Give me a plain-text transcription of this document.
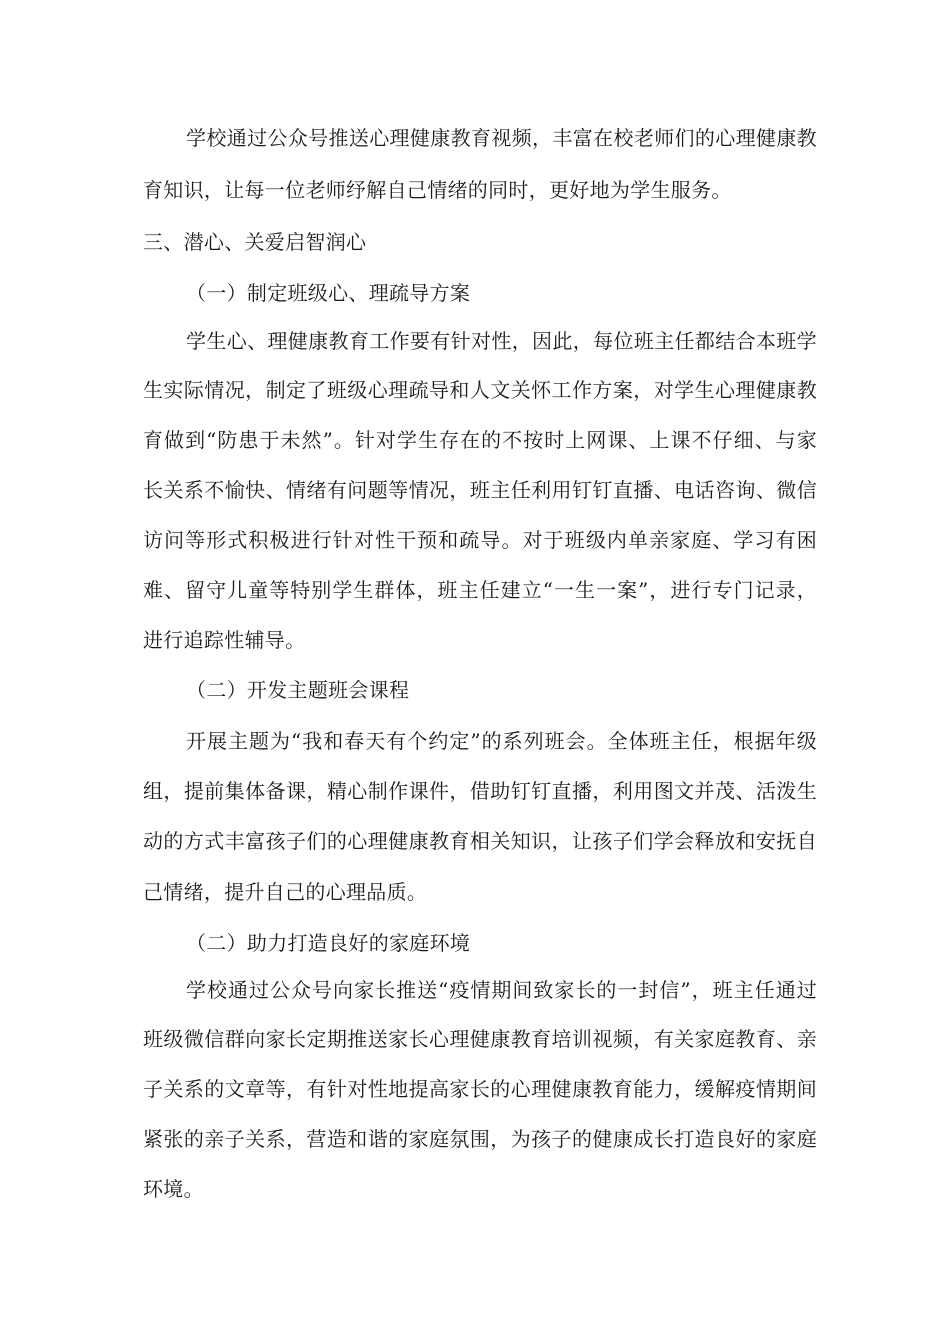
学校通过公众号推送心理健康教育视频，丰富在校老师们的心理健康教
育知识，让每一位老师纾解自己情绪的同时，更好地为学生服务。
三、潜心、关爱启智润心
（一）制定班级心、理疏导方案
学生心、理健康教育工作要有针对性，因此，每位班主任都结合本班学
生实际情况，制定了班级心理疏导和人文关怀工作方案，对学生心理健康教
育做到“防患于未然”。针对学生存在的不按时上网课、上课不仔细、与家
长关系不愉快、情绪有问题等情况，班主任利用钉钉直播、电话咨询、微信
访问等形式积极进行针对性干预和疏导。对于班级内单亲家庭、学习有困
难、留守儿童等特别学生群体，班主任建立“一生一案”，进行专门记录，
进行追踪性辅导。
（二）开发主题班会课程
开展主题为“我和春天有个约定”的系列班会。全体班主任，根据年级
组，提前集体备课，精心制作课件，借助钉钉直播，利用图文并茂、活泼生
动的方式丰富孩子们的心理健康教育相关知识，让孩子们学会释放和安抚自
己情绪，提升自己的心理品质。
（二）助力打造良好的家庭环境
学校通过公众号向家长推送“疫情期间致家长的一封信”，班主任通过
班级微信群向家长定期推送家长心理健康教育培训视频，有关家庭教育、亲
子关系的文章等，有针对性地提高家长的心理健康教育能力，缓解疫情期间
紧张的亲子关系，营造和谐的家庭氛围，为孩子的健康成长打造良好的家庭
环境。
